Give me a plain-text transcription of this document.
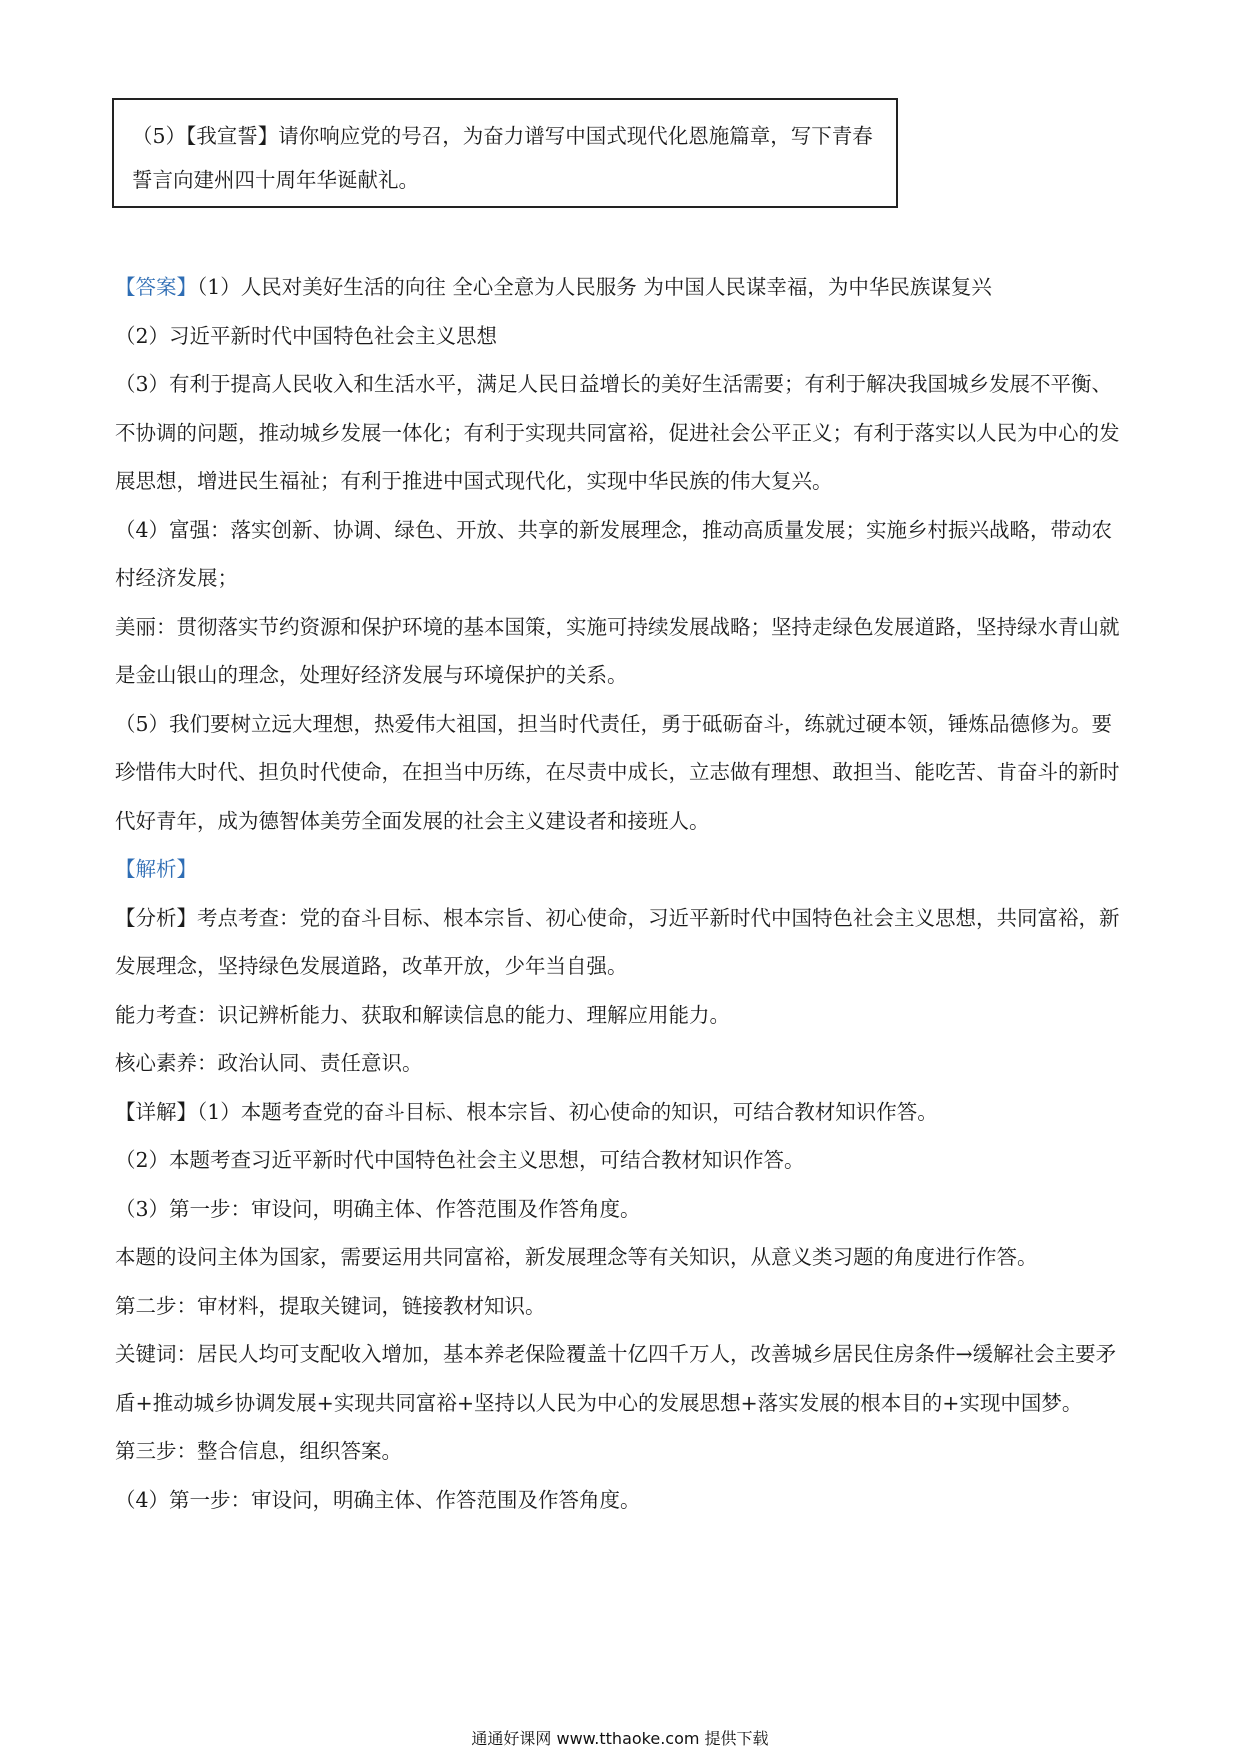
（5）【我宣誓】请你响应党的号召，为奋力谱写中国式现代化恩施篇章，写下青春誓言向建州四十周年华诞献礼。

【答案】（1）人民对美好生活的向往 全心全意为人民服务 为中国人民谋幸福，为中华民族谋复兴

（2）习近平新时代中国特色社会主义思想

（3）有利于提高人民收入和生活水平，满足人民日益增长的美好生活需要；有利于解决我国城乡发展不平衡、不协调的问题，推动城乡发展一体化；有利于实现共同富裕，促进社会公平正义；有利于落实以人民为中心的发展思想，增进民生福祉；有利于推进中国式现代化，实现中华民族的伟大复兴。

（4）富强：落实创新、协调、绿色、开放、共享的新发展理念，推动高质量发展；实施乡村振兴战略，带动农村经济发展；

美丽：贯彻落实节约资源和保护环境的基本国策，实施可持续发展战略；坚持走绿色发展道路，坚持绿水青山就是金山银山的理念，处理好经济发展与环境保护的关系。

（5）我们要树立远大理想，热爱伟大祖国，担当时代责任，勇于砥砺奋斗，练就过硬本领，锤炼品德修为。要珍惜伟大时代、担负时代使命，在担当中历练，在尽责中成长，立志做有理想、敢担当、能吃苦、肯奋斗的新时代好青年，成为德智体美劳全面发展的社会主义建设者和接班人。

【解析】

【分析】考点考查：党的奋斗目标、根本宗旨、初心使命，习近平新时代中国特色社会主义思想，共同富裕，新发展理念，坚持绿色发展道路，改革开放，少年当自强。

能力考查：识记辨析能力、获取和解读信息的能力、理解应用能力。

核心素养：政治认同、责任意识。

【详解】（1）本题考查党的奋斗目标、根本宗旨、初心使命的知识，可结合教材知识作答。

（2）本题考查习近平新时代中国特色社会主义思想，可结合教材知识作答。

（3）第一步：审设问，明确主体、作答范围及作答角度。

本题的设问主体为国家，需要运用共同富裕，新发展理念等有关知识，从意义类习题的角度进行作答。

第二步：审材料，提取关键词，链接教材知识。

关键词：居民人均可支配收入增加，基本养老保险覆盖十亿四千万人，改善城乡居民住房条件→缓解社会主要矛盾+推动城乡协调发展+实现共同富裕+坚持以人民为中心的发展思想+落实发展的根本目的+实现中国梦。

第三步：整合信息，组织答案。

（4）第一步：审设问，明确主体、作答范围及作答角度。

通通好课网 www.tthaoke.com 提供下载
